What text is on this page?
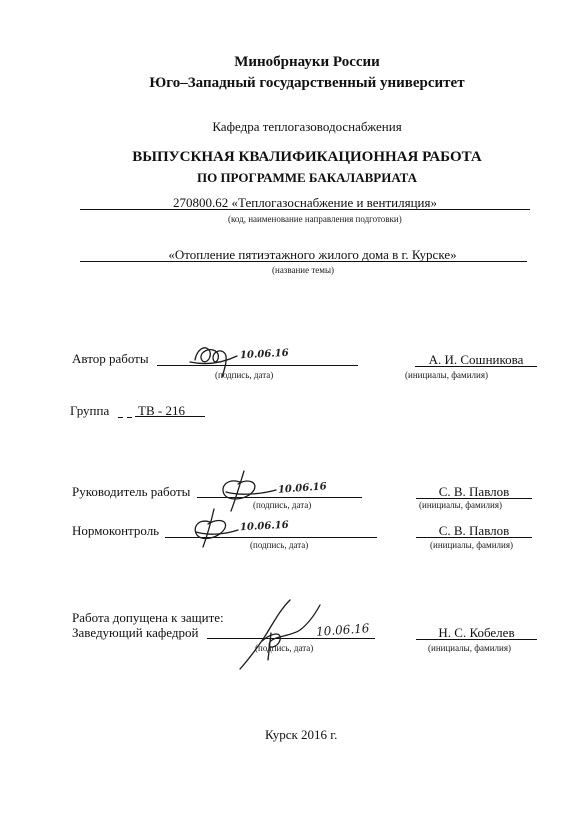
Минобрнауки России
Юго–Западный государственный университет
Кафедра теплогазоводоснабжения
ВЫПУСКНАЯ КВАЛИФИКАЦИОННАЯ РАБОТА
ПО ПРОГРАММЕ БАКАЛАВРИАТА
270800.62 «Теплогазоснабжение и вентиляция»
(код, наименование направления подготовки)
«Отопление пятиэтажного жилого дома в г. Курске»
(название темы)
Автор работы	10.06.16	А. И. Сошникова
(подпись, дата)	(инициалы, фамилия)
Группа ТВ - 216
Руководитель работы	10.06.16	С. В. Павлов
(подпись, дата)	(инициалы, фамилия)
Нормоконтроль	10.06.16	С. В. Павлов
(подпись, дата)	(инициалы, фамилия)
Работа допущена к защите:
Заведующий кафедрой	10.06.16	Н. С. Кобелев
(подпись, дата)	(инициалы, фамилия)
Курск 2016 г.
